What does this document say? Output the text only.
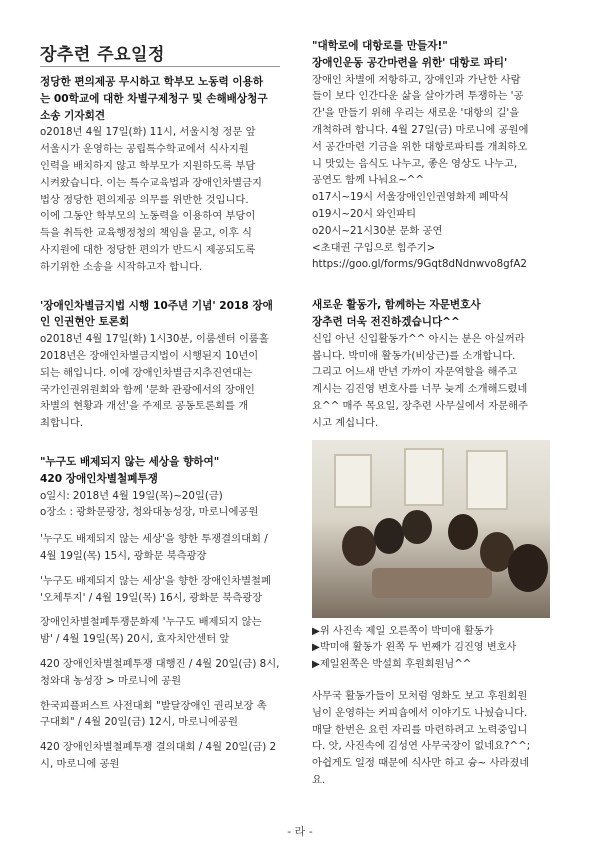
장추련 주요일정
정당한 편의제공 무시하고 학부모 노동력 이용하
는 00학교에 대한 차별구제청구 및 손해배상청구
소송 기자회견
o2018년 4월 17일(화) 11시, 서울시청 정문 앞
서울시가 운영하는 공립특수학교에서 식사지원
인력을 배치하지 않고 학부모가 지원하도록 부담
시켜왔습니다. 이는 특수교육법과 장애인차별금지
법상 정당한 편의제공 의무를 위반한 것입니다.
이에 그동안 학부모의 노동력을 이용하여 부당이
득을 취득한 교육행정청의 책임을 묻고, 이후 식
사지원에 대한 정당한 편의가 반드시 제공되도록
하기위한 소송을 시작하고자 합니다.
'장애인차별금지법 시행 10주년 기념' 2018 장애
인 인권현안 토론회
o2018년 4월 17일(화) 1시30분, 이룸센터 이룸홀
2018년은 장애인차별금지법이 시행된지 10년이
되는 해입니다. 이에 장애인차별금지추진연대는
국가인권위원회와 함께 '문화 관광에서의 장애인
차별의 현황과 개선'을 주제로 공동토론회를 개
최합니다.
"누구도 배제되지 않는 세상을 향하여"
420 장애인차별철폐투쟁
o일시: 2018년 4월 19일(목)~20일(금)
o장소 : 광화문광장, 청와대농성장, 마로니에공원
'누구도 배제되지 않는 세상'을 향한 투쟁결의대회 /
4월 19일(목) 15시, 광화문 북측광장
'누구도 배제되지 않는 세상'을 향한 장애인차별철폐
'오체투지' / 4월 19일(목) 16시, 광화문 북측광장
장애인차별철폐투쟁문화제 '누구도 배제되지 않는
밤' / 4월 19일(목) 20시, 효자치안센터 앞
420 장애인차별철폐투쟁 대행진 / 4월 20일(금) 8시,
청와대 농성장 > 마로니에 공원
한국피플퍼스트 사전대회 "발달장애인 권리보장 촉
구대회" / 4월 20일(금) 12시, 마로니에공원
420 장애인차별철폐투쟁 결의대회 / 4월 20일(금) 2
시, 마로니에 공원
"대학로에 대항로를 만들자!"
장애인운동 공간마련을 위한' 대항로 파티'
장애인 차별에 저항하고, 장애인과 가난한 사람
들이 보다 인간다운 삶을 살아가려 투쟁하는 '공
간'을 만들기 위해 우리는 새로운 '대항의 길'을
개척하려 합니다. 4월 27일(금) 마로니에 공원에
서 공간마련 기금을 위한 대항로파티를 개최하오
니 맛있는 음식도 나누고, 좋은 영상도 나누고,
공연도 함께 나눠요~^^
o17시~19시 서울장애인인권영화제 폐막식
o19시~20시 와인파티
o20시~21시30분 문화 공연
<초대권 구입으로 힘주기>
https://goo.gl/forms/9Gqt8dNdnwvo8gfA2
새로운 활동가, 함께하는 자문변호사
장추련 더욱 전진하겠습니다^^
신입 아닌 신입활동가^^ 아시는 분은 아실꺼라
봅니다. 박미애 활동가(비상근)를 소개합니다.
그리고 어느새 반년 가까이 자문역할을 해주고
계시는 김진영 변호사를 너무 늦게 소개해드렸네
요^^ 매주 목요일, 장추련 사무실에서 자문해주
시고 계십니다.
▶위 사진속 제일 오른쪽이 박미애 활동가
▶박미애 활동가 왼쪽 두 번째가 김진영 변호사
▶제일왼쪽은 박설희 후원회원님^^
사무국 활동가들이 모처럼 영화도 보고 후원회원
님이 운영하는 커피숍에서 이야기도 나눴습니다.
매달 한번은 요런 자리를 마련하려고 노력중입니
다. 앗, 사진속에 김성연 사무국장이 없네요?^^;
아쉽게도 일정 때문에 식사만 하고 슝~ 사라졌네
요.
- 라 -
